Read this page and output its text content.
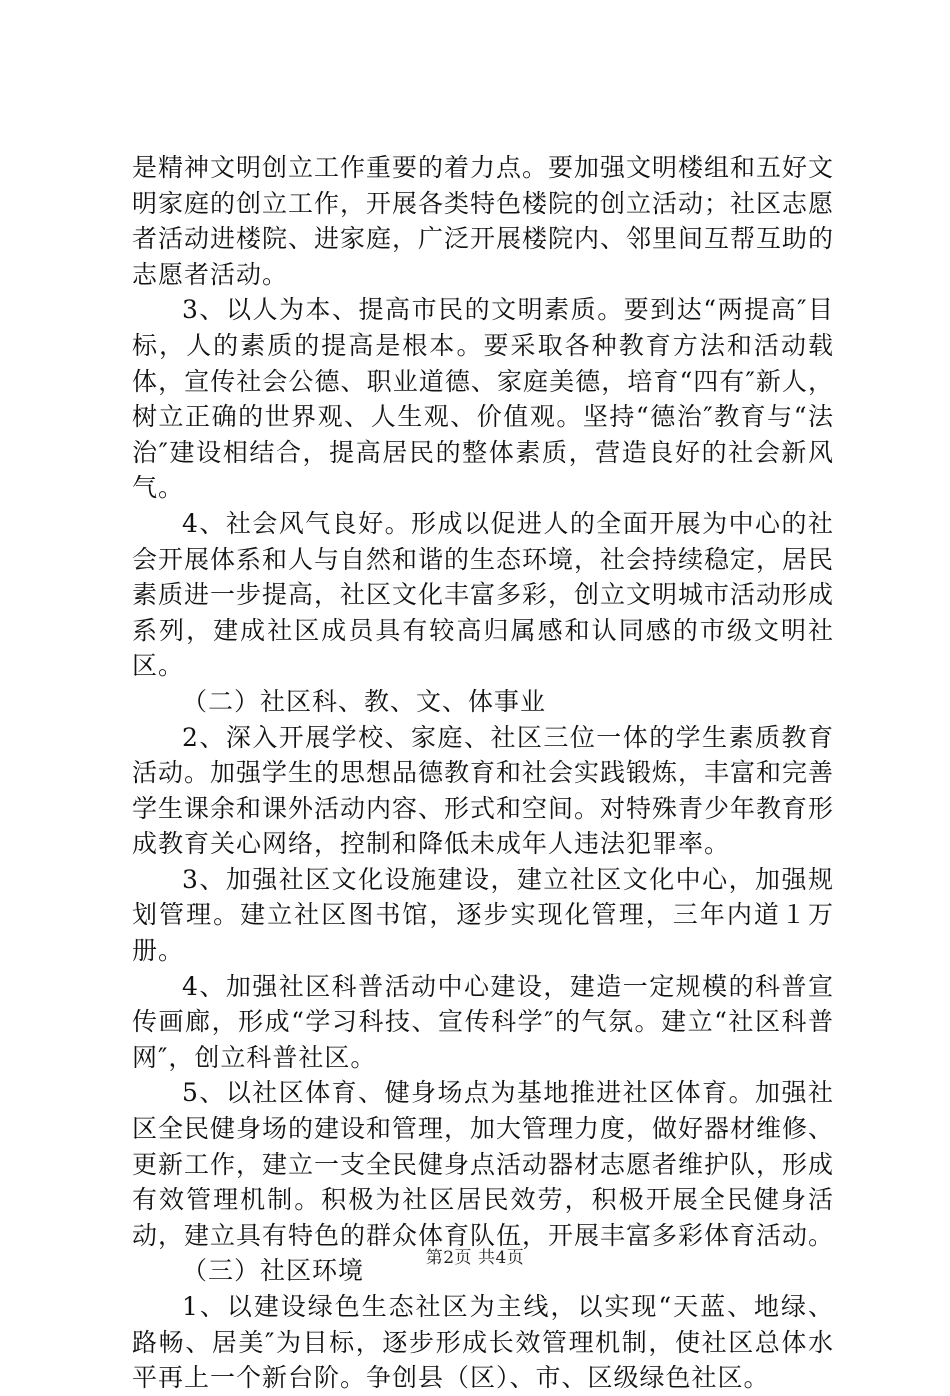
是精神文明创立工作重要的着力点。要加强文明楼组和五好文明家庭的创立工作，开展各类特色楼院的创立活动；社区志愿者活动进楼院、进家庭，广泛开展楼院内、邻里间互帮互助的志愿者活动。

3、以人为本、提高市民的文明素质。要到达“两提高″目标，人的素质的提高是根本。要采取各种教育方法和活动载体，宣传社会公德、职业道德、家庭美德，培育“四有″新人，树立正确的世界观、人生观、价值观。坚持“德治″教育与“法治″建设相结合，提高居民的整体素质，营造良好的社会新风气。

4、社会风气良好。形成以促进人的全面开展为中心的社会开展体系和人与自然和谐的生态环境，社会持续稳定，居民素质进一步提高，社区文化丰富多彩，创立文明城市活动形成系列，建成社区成员具有较高归属感和认同感的市级文明社区。

（二）社区科、教、文、体事业

2、深入开展学校、家庭、社区三位一体的学生素质教育活动。加强学生的思想品德教育和社会实践锻炼，丰富和完善学生课余和课外活动内容、形式和空间。对特殊青少年教育形成教育关心网络，控制和降低未成年人违法犯罪率。

3、加强社区文化设施建设，建立社区文化中心，加强规划管理。建立社区图书馆，逐步实现化管理，三年内道１万册。

4、加强社区科普活动中心建设，建造一定规模的科普宣传画廊，形成“学习科技、宣传科学″的气氛。建立“社区科普网″，创立科普社区。

5、以社区体育、健身场点为基地推进社区体育。加强社区全民健身场的建设和管理，加大管理力度，做好器材维修、更新工作，建立一支全民健身点活动器材志愿者维护队，形成有效管理机制。积极为社区居民效劳，积极开展全民健身活动，建立具有特色的群众体育队伍，开展丰富多彩体育活动。

（三）社区环境

1、以建设绿色生态社区为主线，以实现“天蓝、地绿、路畅、居美″为目标，逐步形成长效管理机制，使社区总体水平再上一个新台阶。争创县（区）、市、区级绿色社区。

第2页 共4页
